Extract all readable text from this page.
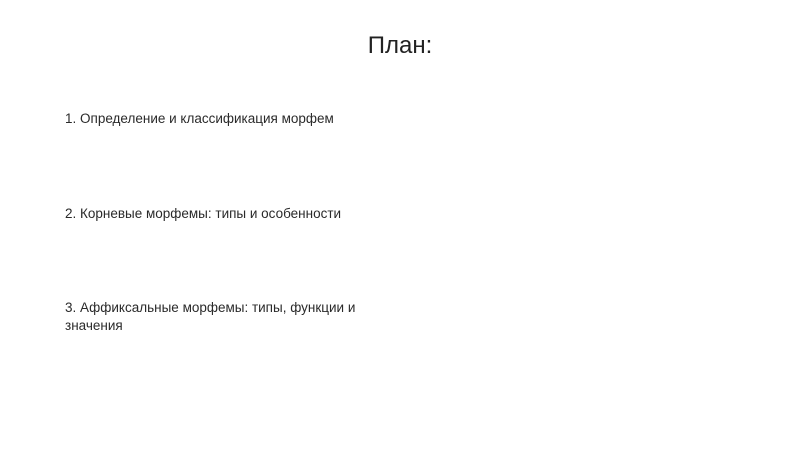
План:
1. Определение и классификация морфем
2. Корневые морфемы: типы и особенности
3. Аффиксальные морфемы: типы, функции и значения
